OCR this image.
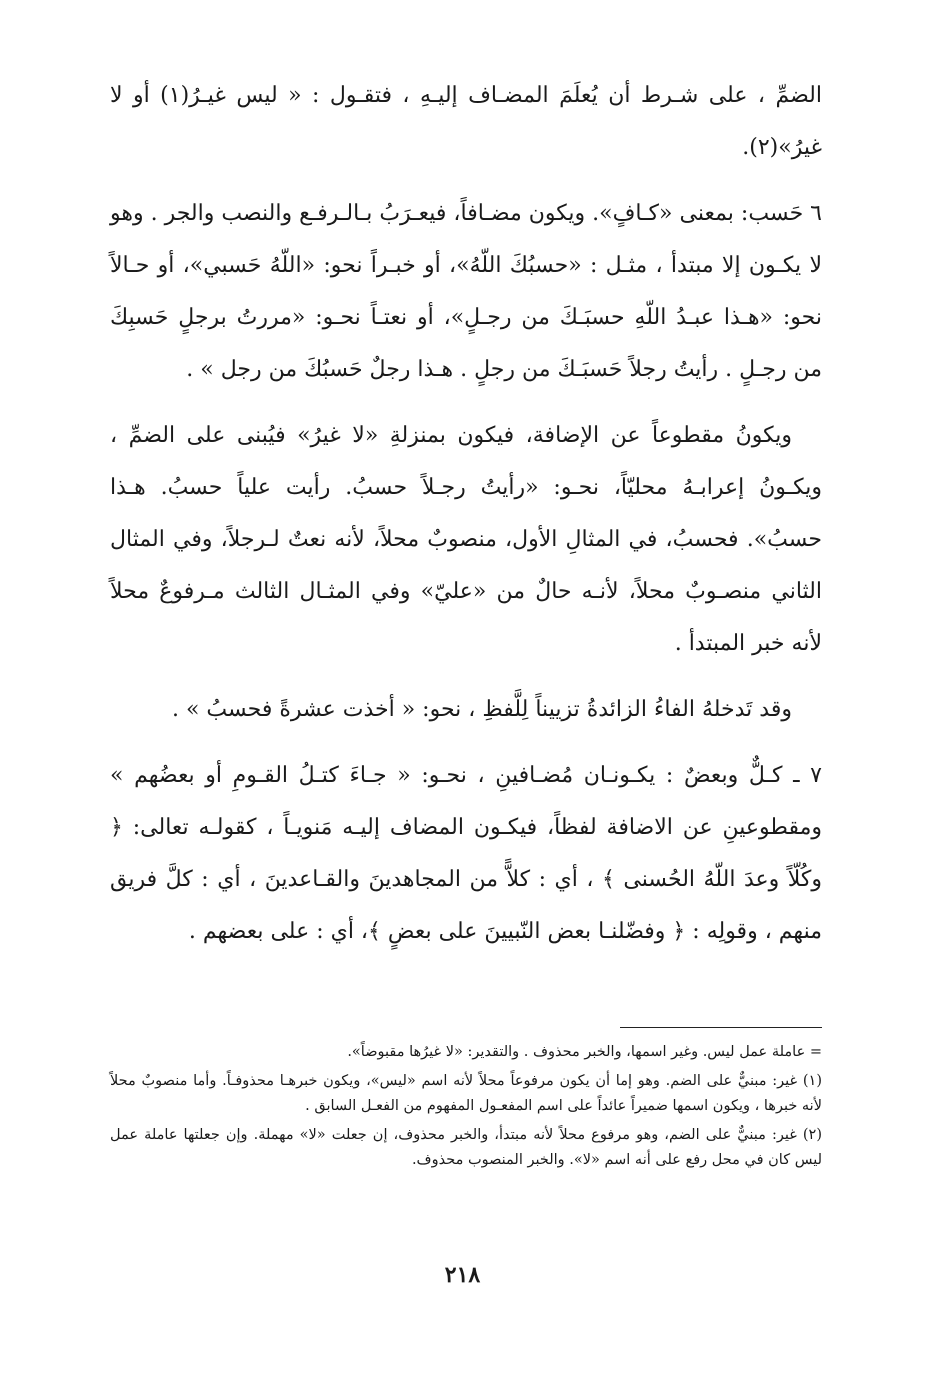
الضمِّ ، على شـرط أن يُعلَمَ المضـاف إليـهِ ، فتقـول : « ليس غيـرُ(١) أو لا غيرُ»(٢).

٦ حَسب: بمعنى «كـافٍ». ويكون مضـافاً، فيعـرَبُ بـالـرفـع والنصب والجر . وهو لا يكـون إلا مبتدأ ، مثـل : «حسبُكَ اللّهُ»، أو خبـراً نحو: «اللّهُ حَسبي»، أو حـالاً نحو: «هـذا عبـدُ اللّهِ حسبَـكَ من رجـلٍ»، أو نعتـاً نحـو: «مررتُ برجلٍ حَسبِكَ من رجـلٍ . رأيتُ رجلاً حَسبَـكَ من رجلٍ . هـذا رجلٌ حَسبُكَ من رجل » .

ويكونُ مقطوعاً عن الإضافة، فيكون بمنزلةِ «لا غيرُ» فيُبنى على الضمِّ ، ويكـونُ إعرابـهُ محليّاً، نحـو: «رأيتُ رجـلاً حسبُ. رأيت علياً حسبُ. هـذا حسبُ». فحسبُ، في المثالِ الأول، منصوبٌ محلاً، لأنه نعتٌ لـرجلاً، وفي المثال الثاني منصـوبٌ محلاً، لأنـه حالٌ من «عليّ» وفي المثـال الثالث مـرفوعٌ محلاً لأنه خبر المبتدأ .

وقد تَدخلهُ الفاءُ الزائدةُ تزييناً لِلَّفظِ ، نحو: « أخذت عشرةً فحسبُ » .

٧ ـ كـلٌّ وبعضٌ : يكـونـان مُضـافينِ ، نحـو: « جـاءَ كتـلُ القـومِ أو بعضُهم » ومقطوعينِ عن الاضافة لفظاً، فيكـون المضاف إليـه مَنويـاً ، كقولـه تعالى: ﴿ وكُلّاً وعدَ اللّهُ الحُسنى ﴾ ، أي : كلاًّ من المجاهدينَ والقـاعدينَ ، أي : كلَّ فريق منهم ، وقولِه : ﴿ وفضّلنـا بعض النّبيينَ على بعضٍ ﴾، أي : على بعضهم .

= عاملة عمل ليس. وغير اسمها، والخبر محذوف . والتقدير: «لا غيرُها مقبوضاً».

(١) غير: مبنيٌّ على الضم. وهو إما أن يكون مرفوعاً محلاً لأنه اسم «ليس»، ويكون خبرهـا محذوفـاً. وأما منصوبٌ محلاً لأنه خبرها ، ويكون اسمها ضميراً عائداً على اسم المفعـول المفهوم من الفعـل السابق .

(٢) غير: مبنيٌّ على الضم، وهو مرفوع محلاً لأنه مبتدأ، والخبر محذوف، إن جعلت «لا» مهملة. وإن جعلتها عاملة عمل ليس كان في محل رفع على أنه اسم «لا». والخبر المنصوب محذوف.

٢١٨
